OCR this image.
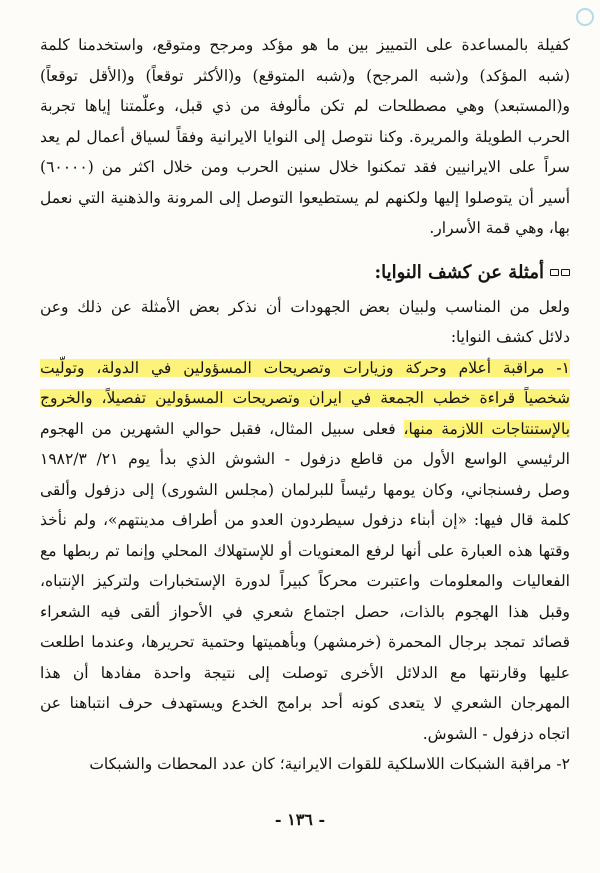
كفيلة بالمساعدة على التمييز بين ما هو مؤكد ومرجح ومتوقع، واستخدمنا كلمة
(شبه المؤكد) و(شبه المرجح) و(شبه المتوقع) و(الأكثر توقعاً) و(الأقل توقعاً)
و(المستبعد) وهي مصطلحات لم تكن مألوفة من ذي قبل، وعلّمتنا إياها تجربة
الحرب الطويلة والمريرة. وكنا نتوصل إلى النوايا الايرانية وفقاً لسياق أعمال لم يعد
سراً على الايرانيين فقد تمكنوا خلال سنين الحرب ومن خلال اكثر من (٦٠٠٠٠)
أسير أن يتوصلوا إليها ولكنهم لم يستطيعوا التوصل إلى المرونة والذهنية التي نعمل
بها، وهي قمة الأسرار.
أمثلة عن كشف النوايا:
ولعل من المناسب ولبيان بعض الجهودات أن نذكر بعض الأمثلة عن ذلك وعن
دلائل كشف النوايا:
١- مراقبة أعلام وحركة وزيارات وتصريحات المسؤولين في الدولة، وتولّيت
شخصياً قراءة خطب الجمعة في ايران وتصريحات المسؤولين تفصيلاً، والخروج
بالإستنتاجات اللازمة منها، فعلى سبيل المثال، فقبل حوالي الشهرين من الهجوم
الرئيسي الواسع الأول من قاطع دزفول - الشوش الذي بدأ يوم ٢١/ ١٩٨٢/٣
وصل رفسنجاني، وكان يومها رئيساً للبرلمان (مجلس الشورى) إلى دزفول وألقى
كلمة قال فيها: «إن أبناء دزفول سيطردون العدو من أطراف مدينتهم»، ولم نأخذ
وقتها هذه العبارة على أنها لرفع المعنويات أو للإستهلاك المحلي وإنما تم ربطها مع
الفعاليات والمعلومات واعتبرت محركاً كبيراً لدورة الإستخبارات ولتركيز الإنتباه،
وقبل هذا الهجوم بالذات، حصل اجتماع شعري في الأحواز ألقى فيه الشعراء
قصائد تمجد برجال المحمرة (خرمشهر) وبأهميتها وحتمية تحريرها، وعندما اطلعت
عليها وقارنتها مع الدلائل الأخرى توصلت إلى نتيجة واحدة مفادها أن هذا
المهرجان الشعري لا يتعدى كونه أحد برامج الخدع ويستهدف حرف انتباهنا عن
اتجاه دزفول - الشوش.
٢- مراقبة الشبكات اللاسلكية للقوات الايرانية؛ كان عدد المحطات والشبكات
- ١٣٦ -
